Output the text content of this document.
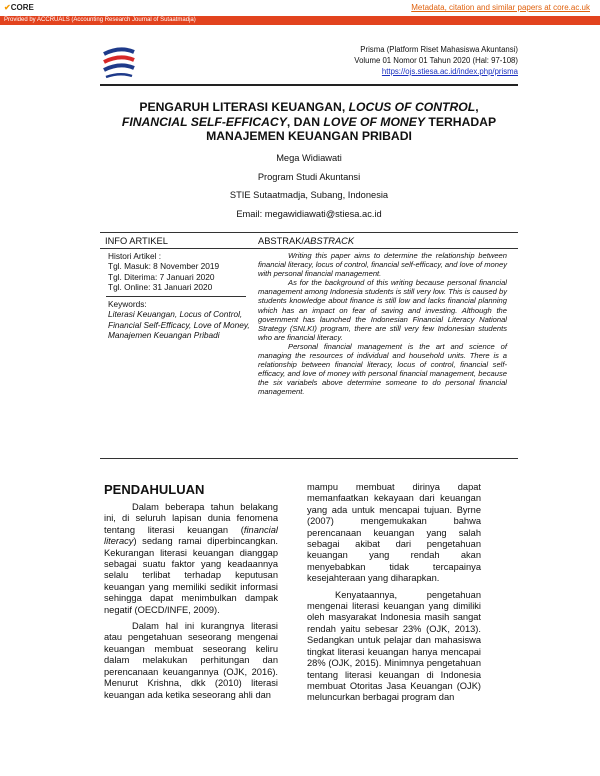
✔CORE	Metadata, citation and similar papers at core.ac.uk
Provided by ACCRUALS (Accounting Research Journal of Sutaatmadja)
Prisma (Platform Riset Mahasiswa Akuntansi)
Volume 01 Nomor 01 Tahun 2020 (Hal: 97-108)
https://ojs.stiesa.ac.id/index.php/prisma
PENGARUH LITERASI KEUANGAN, LOCUS OF CONTROL,
FINANCIAL SELF-EFFICACY, DAN LOVE OF MONEY TERHADAP
MANAJEMEN KEUANGAN PRIBADI
Mega Widiawati
Program Studi Akuntansi
STIE Sutaatmadja, Subang, Indonesia
Email: megawidiawati@stiesa.ac.id
INFO ARTIKEL	ABSTRAK/ABSTRACK
Histori Artikel :
Tgl. Masuk: 8 November 2019
Tgl. Diterima: 7 Januari 2020
Tgl. Online: 31 Januari 2020
Keywords:
Literasi Keuangan, Locus of Control, Financial Self-Efficacy, Love of Money, Manajemen Keuangan Pribadi

Writing this paper aims to determine the relationship between financial literacy, locus of control, financial self-efficacy, and love of money with personal financial management.

As for the background of this writing because personal financial management among Indonesia students is still very low. This is caused by students knowledge about finance is still low and lacks financial planning which has an impact on fear of saving and investing. Although the government has launched the Indonesian Financial Literacy National Strategy (SNLKI) program, there are still very few Indonesian students who are financial literacy.

Personal financial management is the art and science of managing the resources of individual and household units. There is a relationship between financial literacy, locus of control, financial self-efficacy, and love of money with personal financial management, because the six variabels above determine someone to do personal financial management.

PENDAHULUAN

Dalam beberapa tahun belakang ini, di seluruh lapisan dunia fenomena tentang literasi keuangan (financial literacy) sedang ramai diperbincangkan. Kekurangan literasi keuangan dianggap sebagai suatu faktor yang keadaannya selalu terlibat terhadap keputusan keuangan yang memiliki sedikit informasi sehingga dapat menimbulkan dampak negatif (OECD/INFE, 2009).

Dalam hal ini kurangnya literasi atau pengetahuan seseorang mengenai keuangan membuat seseorang keliru dalam melakukan perhitungan dan perencanaan keuangannya (OJK, 2016). Menurut Krishna, dkk (2010) literasi keuangan ada ketika seseorang ahli dan

mampu membuat dirinya dapat memanfaatkan kekayaan dari keuangan yang ada untuk mencapai tujuan. Byrne (2007) mengemukakan bahwa perencanaan keuangan yang salah sebagai akibat dari pengetahuan keuangan yang rendah akan menyebabkan tidak tercapainya kesejahteraan yang diharapkan.

Kenyataannya, pengetahuan mengenai literasi keuangan yang dimiliki oleh masyarakat Indonesia masih sangat rendah yaitu sebesar 23% (OJK, 2013). Sedangkan untuk pelajar dan mahasiswa tingkat literasi keuangan hanya mencapai 28% (OJK, 2015). Minimnya pengetahuan tentang literasi keuangan di Indonesia membuat Otoritas Jasa Keuangan (OJK) meluncurkan berbagai program dan
